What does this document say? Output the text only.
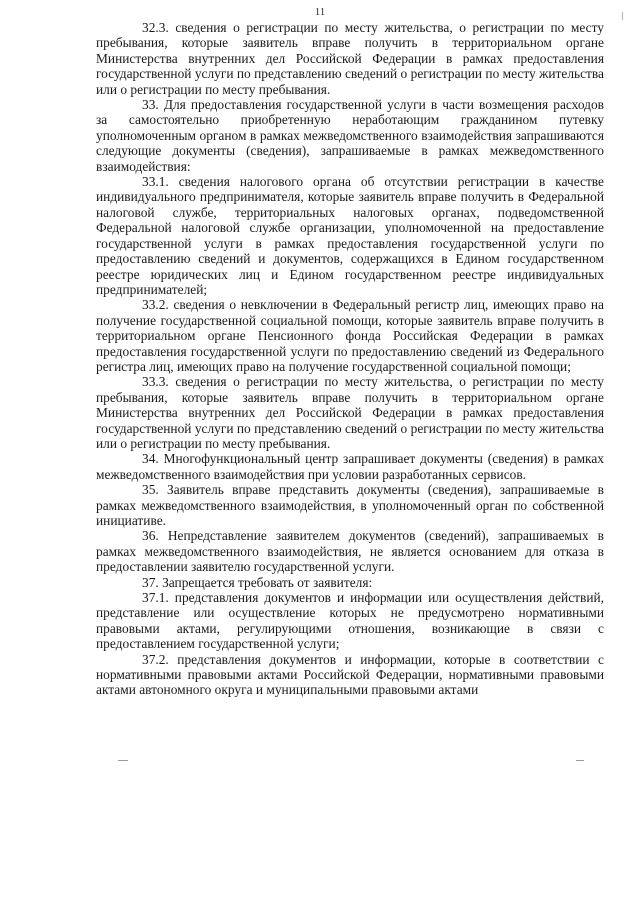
11

32.3. сведения о регистрации по месту жительства, о регистрации по месту пребывания, которые заявитель вправе получить в территориальном органе Министерства внутренних дел Российской Федерации в рамках предоставления государственной услуги по представлению сведений о регистрации по месту жительства или о регистрации по месту пребывания.

33. Для предоставления государственной услуги в части возмещения расходов за самостоятельно приобретенную неработающим гражданином путевку уполномоченным органом в рамках межведомственного взаимодействия запрашиваются следующие документы (сведения), запрашиваемые в рамках межведомственного взаимодействия:

33.1. сведения налогового органа об отсутствии регистрации в качестве индивидуального предпринимателя, которые заявитель вправе получить в Федеральной налоговой службе, территориальных налоговых органах, подведомственной Федеральной налоговой службе организации, уполномоченной на предоставление государственной услуги в рамках предоставления государственной услуги по предоставлению сведений и документов, содержащихся в Едином государственном реестре юридических лиц и Едином государственном реестре индивидуальных предпринимателей;

33.2. сведения о невключении в Федеральный регистр лиц, имеющих право на получение государственной социальной помощи, которые заявитель вправе получить в территориальном органе Пенсионного фонда Российская Федерации в рамках предоставления государственной услуги по предоставлению сведений из Федерального регистра лиц, имеющих право на получение государственной социальной помощи;

33.3. сведения о регистрации по месту жительства, о регистрации по месту пребывания, которые заявитель вправе получить в территориальном органе Министерства внутренних дел Российской Федерации в рамках предоставления государственной услуги по представлению сведений о регистрации по месту жительства или о регистрации по месту пребывания.

34. Многофункциональный центр запрашивает документы (сведения) в рамках межведомственного взаимодействия при условии разработанных сервисов.

35. Заявитель вправе представить документы (сведения), запрашиваемые в рамках межведомственного взаимодействия, в уполномоченный орган по собственной инициативе.

36. Непредставление заявителем документов (сведений), запрашиваемых в рамках межведомственного взаимодействия, не является основанием для отказа в предоставлении заявителю государственной услуги.

37. Запрещается требовать от заявителя:

37.1. представления документов и информации или осуществления действий, представление или осуществление которых не предусмотрено нормативными правовыми актами, регулирующими отношения, возникающие в связи с предоставлением государственной услуги;

37.2. представления документов и информации, которые в соответствии с нормативными правовыми актами Российской Федерации, нормативными правовыми актами автономного округа и муниципальными правовыми актами
